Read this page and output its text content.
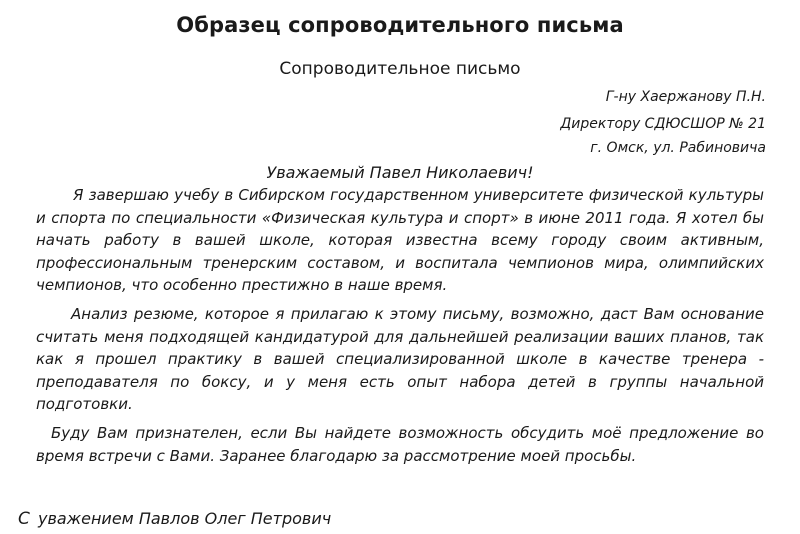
Образец сопроводительного письма
Сопроводительное письмо
Г-ну Хаержанову П.Н.
Директору СДЮСШОР № 21
г. Омск, ул. Рабиновича
Уважаемый Павел Николаевич!

Я завершаю учебу в Сибирском государственном университете физической культуры и спорта по специальности «Физическая культура и спорт» в июне 2011 года. Я хотел бы начать работу в вашей школе, которая известна всему городу своим активным, профессиональным тренерским составом, и воспитала чемпионов мира, олимпийских чемпионов, что особенно престижно в наше время.

Анализ резюме, которое я прилагаю к этому письму, возможно, даст Вам основание считать меня подходящей кандидатурой для дальнейшей реализации ваших планов, так как я прошел практику в вашей специализированной школе в качестве тренера - преподавателя по боксу, и у меня есть опыт набора детей в группы начальной подготовки.

Буду Вам признателен, если Вы найдете возможность обсудить моё предложение во время встречи с Вами. Заранее благодарю за рассмотрение моей просьбы.

С уважением Павлов Олег Петрович
